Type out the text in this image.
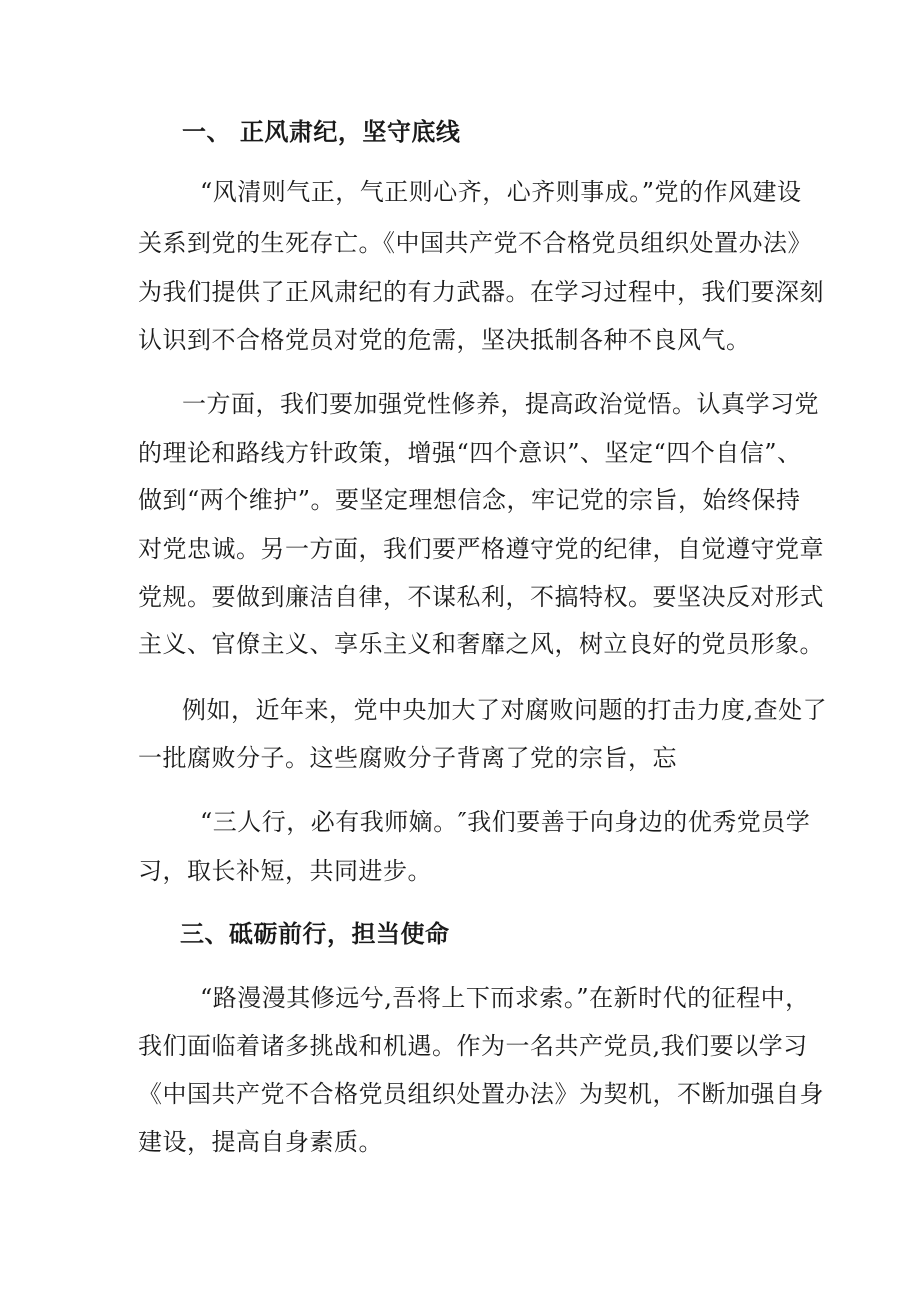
一、 正风肃纪，坚守底线
“风清则气正，气正则心齐，心齐则事成。”党的作风建设
关系到党的生死存亡。《中国共产党不合格党员组织处置办法》
为我们提供了正风肃纪的有力武器。在学习过程中，我们要深刻
认识到不合格党员对党的危需，坚决抵制各种不良风气。
一方面，我们要加强党性修养，提高政治觉悟。认真学习党
的理论和路线方针政策，增强“四个意识”、坚定“四个自信”、
做到“两个维护”。要坚定理想信念，牢记党的宗旨，始终保持
对党忠诚。另一方面，我们要严格遵守党的纪律，自觉遵守党章
党规。要做到廉洁自律，不谋私利，不搞特权。要坚决反对形式
主义、官僚主义、享乐主义和奢靡之风，树立良好的党员形象。
例如，近年来，党中央加大了对腐败问题的打击力度,查处了
一批腐败分子。这些腐败分子背离了党的宗旨，忘
“三人行，必有我师嫡。″我们要善于向身边的优秀党员学
习，取长补短，共同进步。
三、砥砺前行，担当使命
“路漫漫其修远兮,吾将上下而求索。”在新时代的征程中，
我们面临着诸多挑战和机遇。作为一名共产党员,我们要以学习
《中国共产党不合格党员组织处置办法》为契机，不断加强自身
建设，提高自身素质。
